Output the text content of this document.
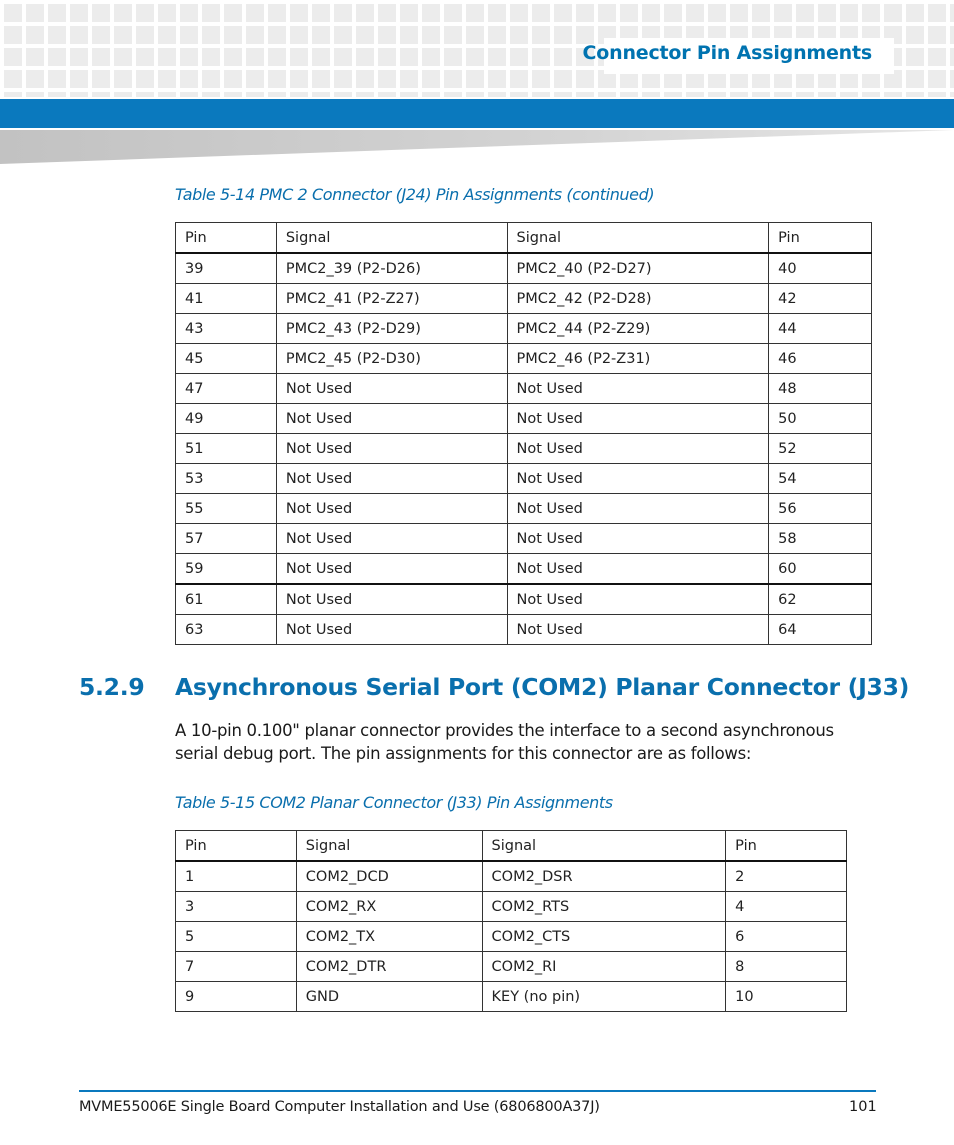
Connector Pin Assignments
Table 5-14 PMC 2 Connector (J24) Pin Assignments (continued)
Pin	Signal	Signal	Pin
39	PMC2_39 (P2-D26)	PMC2_40 (P2-D27)	40
41	PMC2_41 (P2-Z27)	PMC2_42 (P2-D28)	42
43	PMC2_43 (P2-D29)	PMC2_44 (P2-Z29)	44
45	PMC2_45 (P2-D30)	PMC2_46 (P2-Z31)	46
47	Not Used	Not Used	48
49	Not Used	Not Used	50
51	Not Used	Not Used	52
53	Not Used	Not Used	54
55	Not Used	Not Used	56
57	Not Used	Not Used	58
59	Not Used	Not Used	60
61	Not Used	Not Used	62
63	Not Used	Not Used	64
5.2.9 Asynchronous Serial Port (COM2) Planar Connector (J33)
A 10-pin 0.100" planar connector provides the interface to a second asynchronous serial debug port. The pin assignments for this connector are as follows:
Table 5-15 COM2 Planar Connector (J33) Pin Assignments
Pin	Signal	Signal	Pin
1	COM2_DCD	COM2_DSR	2
3	COM2_RX	COM2_RTS	4
5	COM2_TX	COM2_CTS	6
7	COM2_DTR	COM2_RI	8
9	GND	KEY (no pin)	10
MVME55006E Single Board Computer Installation and Use (6806800A37J)	101
